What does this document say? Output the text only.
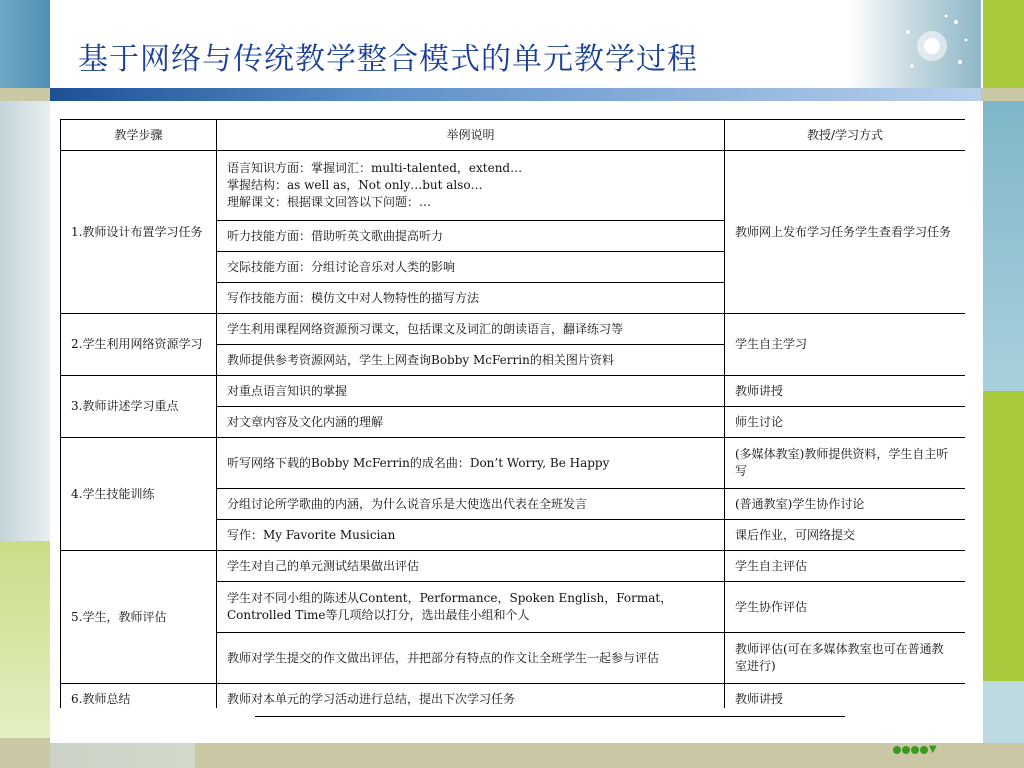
基于网络与传统教学整合模式的单元教学过程
教学步骤	举例说明	教授/学习方式
1.教师设计布置学习任务	语言知识方面：掌握词汇：multi-talented，extend…
掌握结构：as well as，Not only…but also…
理解课文：根据课文回答以下问题：…	教师网上发布学习任务学生查看学习任务
	听力技能方面：借助听英文歌曲提高听力	
	交际技能方面：分组讨论音乐对人类的影响	
	写作技能方面：模仿文中对人物特性的描写方法	
2.学生利用网络资源学习	学生利用课程网络资源预习课文，包括课文及词汇的朗读语言，翻译练习等	学生自主学习
	教师提供参考资源网站，学生上网查询Bobby McFerrin的相关图片资料	
3.教师讲述学习重点	对重点语言知识的掌握	教师讲授
	对文章内容及文化内涵的理解	师生讨论
4.学生技能训练	听写网络下载的Bobby McFerrin的成名曲：Don’t Worry, Be Happy	(多媒体教室)教师提供资料，学生自主听写
	分组讨论所学歌曲的内涵，为什么说音乐是大使选出代表在全班发言	(普通教室)学生协作讨论
	写作：My Favorite Musician	课后作业，可网络提交
5.学生，教师评估	学生对自己的单元测试结果做出评估	学生自主评估
	学生对不同小组的陈述从Content，Performance，Spoken English，Format，Controlled Time等几项给以打分，选出最佳小组和个人	学生协作评估
	教师对学生提交的作文做出评估，并把部分有特点的作文让全班学生一起参与评估	教师评估(可在多媒体教室也可在普通教室进行)
6.教师总结	教师对本单元的学习活动进行总结，提出下次学习任务	教师讲授
▼
